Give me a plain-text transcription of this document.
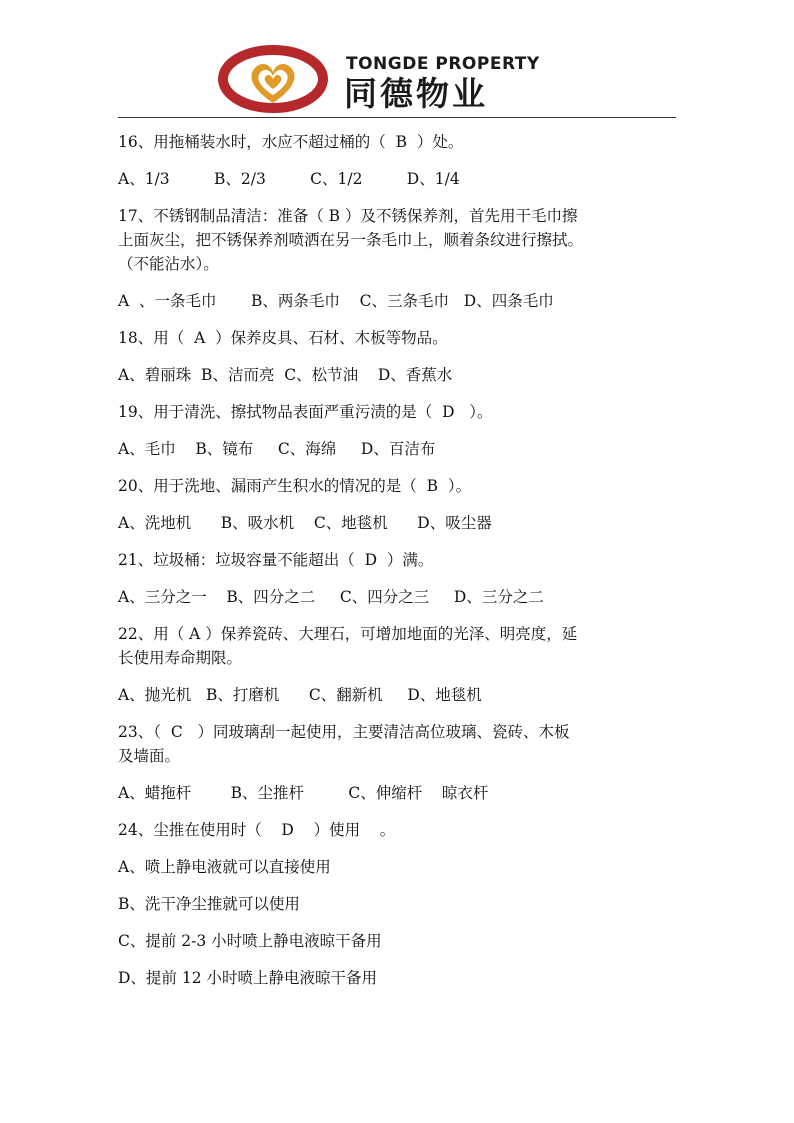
TONGDE PROPERTY
同德物业
16、用拖桶装水时，水应不超过桶的（  B  ）处。
A、1/3         B、2/3         C、1/2         D、1/4
17、不锈钢制品清洁：准备（ B ）及不锈保养剂，首先用干毛巾擦
上面灰尘，把不锈保养剂喷洒在另一条毛巾上，顺着条纹进行擦拭。
（不能沾水）。
A  、一条毛巾       B、两条毛巾    C、三条毛巾   D、四条毛巾
18、用（  A  ）保养皮具、石材、木板等物品。
A、碧丽珠  B、洁而亮  C、松节油    D、香蕉水
19、用于清洗、擦拭物品表面严重污渍的是（  D   ）。
A、毛巾    B、镜布     C、海绵     D、百洁布
20、用于洗地、漏雨产生积水的情况的是（  B  ）。
A、洗地机      B、吸水机    C、地毯机      D、吸尘器
21、垃圾桶：垃圾容量不能超出（  D  ）满。
A、三分之一    B、四分之二     C、四分之三     D、三分之二
22、用（ A ）保养瓷砖、大理石，可增加地面的光泽、明亮度，延
长使用寿命期限。
A、抛光机   B、打磨机      C、翻新机     D、地毯机
23、（  C   ）同玻璃刮一起使用，主要清洁高位玻璃、瓷砖、木板
及墙面。
A、蜡拖杆        B、尘推杆         C、伸缩杆    晾衣杆
24、尘推在使用时（    D    ）使用    。
A、喷上静电液就可以直接使用
B、洗干净尘推就可以使用
C、提前 2-3 小时喷上静电液晾干备用
D、提前 12 小时喷上静电液晾干备用
